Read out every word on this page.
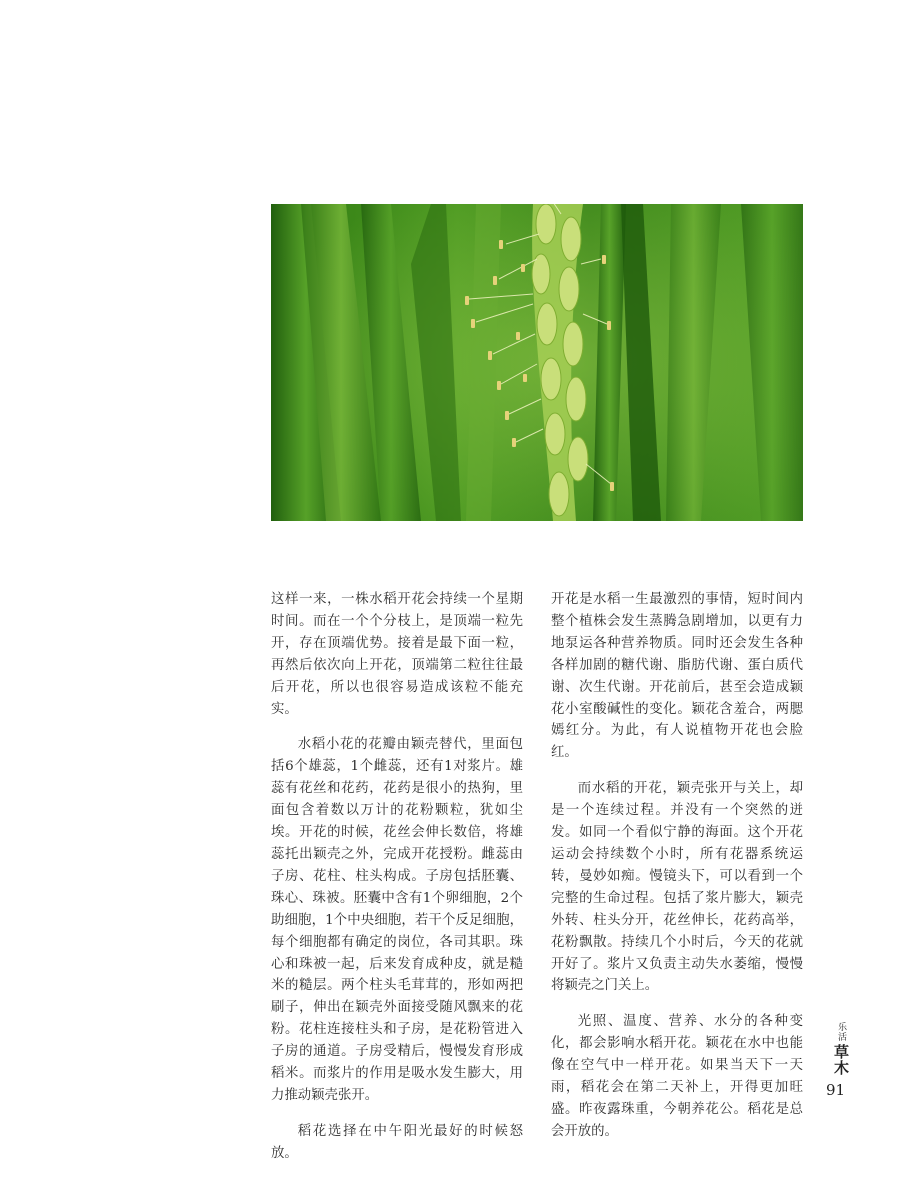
这样一来，一株水稻开花会持续一个星期时间。而在一个个分枝上，是顶端一粒先开，存在顶端优势。接着是最下面一粒，再然后依次向上开花，顶端第二粒往往最后开花，所以也很容易造成该粒不能充实。

水稻小花的花瓣由颖壳替代，里面包括6个雄蕊，1个雌蕊，还有1对浆片。雄蕊有花丝和花药，花药是很小的热狗，里面包含着数以万计的花粉颗粒，犹如尘埃。开花的时候，花丝会伸长数倍，将雄蕊托出颖壳之外，完成开花授粉。雌蕊由子房、花柱、柱头构成。子房包括胚囊、珠心、珠被。胚囊中含有1个卵细胞，2个助细胞，1个中央细胞，若干个反足细胞，每个细胞都有确定的岗位，各司其职。珠心和珠被一起，后来发育成种皮，就是糙米的糙层。两个柱头毛茸茸的，形如两把刷子，伸出在颖壳外面接受随风飘来的花粉。花柱连接柱头和子房，是花粉管进入子房的通道。子房受精后，慢慢发育形成稻米。而浆片的作用是吸水发生膨大，用力推动颖壳张开。

稻花选择在中午阳光最好的时候怒放。

开花是水稻一生最激烈的事情，短时间内整个植株会发生蒸腾急剧增加，以更有力地泵运各种营养物质。同时还会发生各种各样加剧的糖代谢、脂肪代谢、蛋白质代谢、次生代谢。开花前后，甚至会造成颖花小室酸碱性的变化。颖花含羞合，两腮嫣红分。为此，有人说植物开花也会脸红。

而水稻的开花，颖壳张开与关上，却是一个连续过程。并没有一个突然的迸发。如同一个看似宁静的海面。这个开花运动会持续数个小时，所有花器系统运转，曼妙如痴。慢镜头下，可以看到一个完整的生命过程。包括了浆片膨大，颖壳外转、柱头分开，花丝伸长，花药高举，花粉飘散。持续几个小时后，今天的花就开好了。浆片又负责主动失水萎缩，慢慢将颖壳之门关上。

光照、温度、营养、水分的各种变化，都会影响水稻开花。颖花在水中也能像在空气中一样开花。如果当天下一天雨，稻花会在第二天补上，开得更加旺盛。昨夜露珠重，今朝养花公。稻花是总会开放的。

乐活草木
91
